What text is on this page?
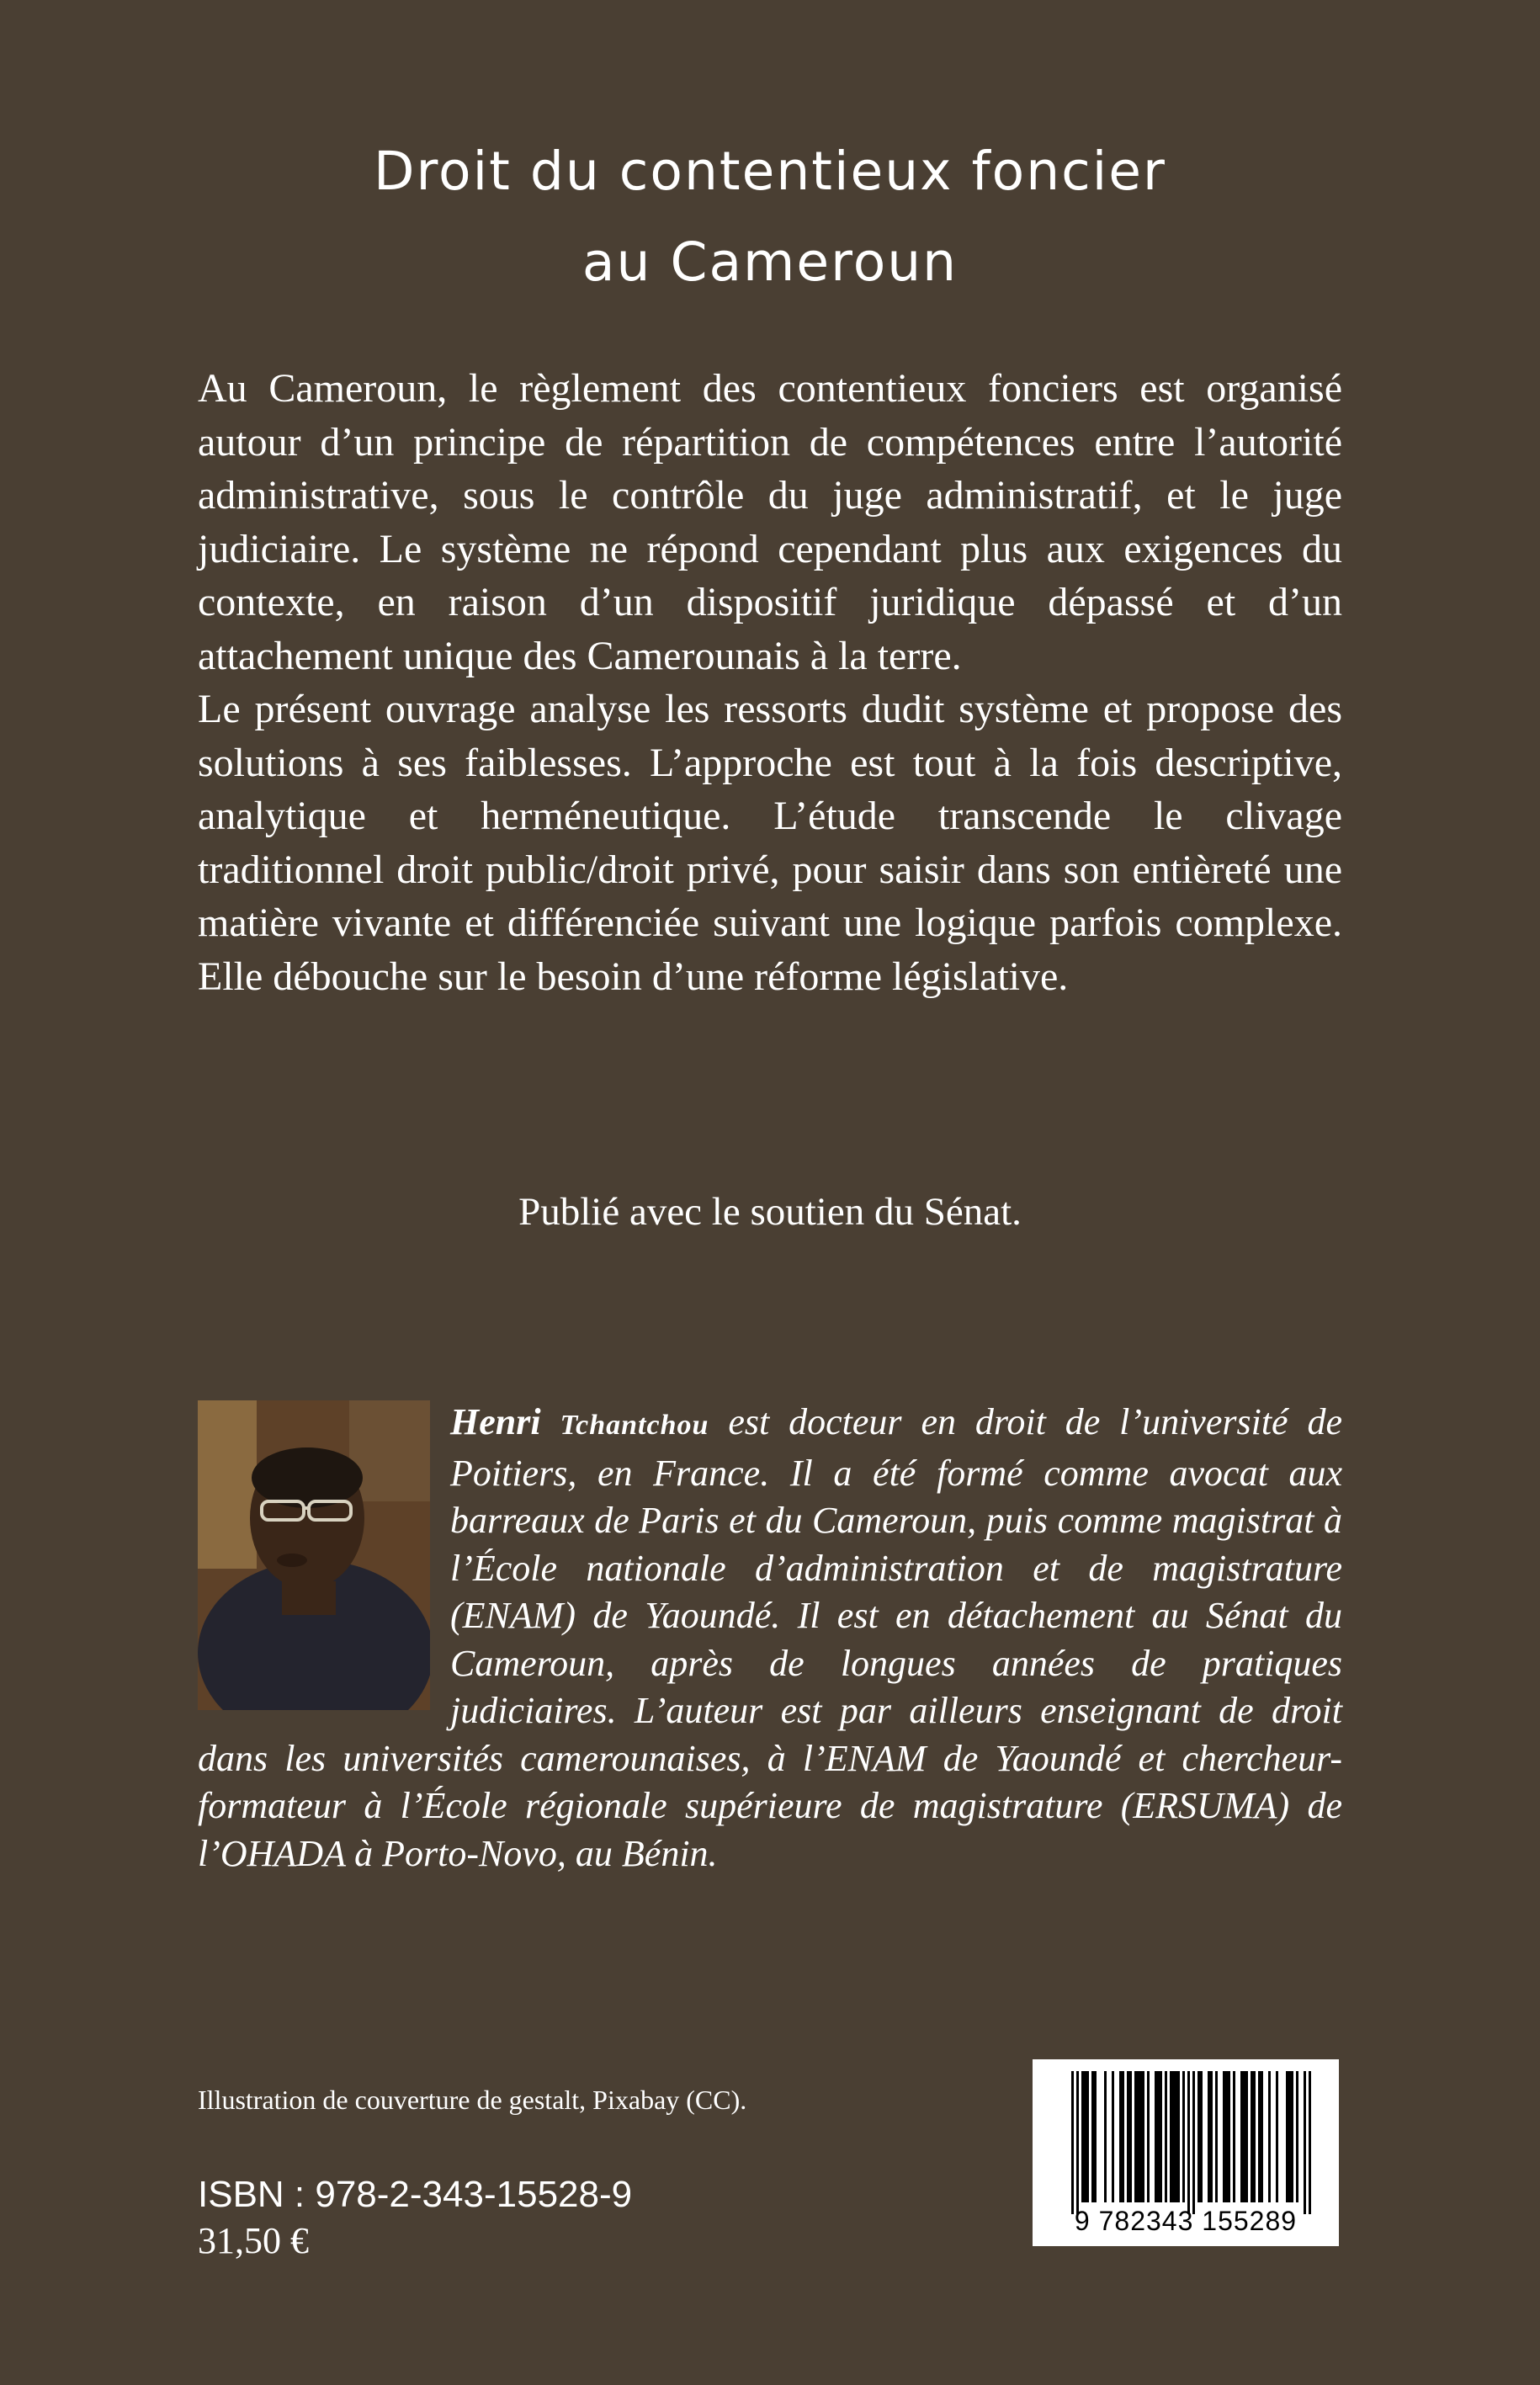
Droit du contentieux foncier
au Cameroun

Au Cameroun, le règlement des contentieux fonciers est organisé autour d’un principe de répartition de compétences entre l’autorité administrative, sous le contrôle du juge administratif, et le juge judiciaire. Le système ne répond cependant plus aux exigences du contexte, en raison d’un dispositif juridique dépassé et d’un attachement unique des Camerounais à la terre.

Le présent ouvrage analyse les ressorts dudit système et propose des solutions à ses faiblesses. L’approche est tout à la fois descriptive, analytique et herméneutique. L’étude transcende le clivage traditionnel droit public/droit privé, pour saisir dans son entièreté une matière vivante et différenciée suivant une logique parfois complexe. Elle débouche sur le besoin d’une réforme législative.

Publié avec le soutien du Sénat.

Henri Tchantchou est docteur en droit de l’université de Poitiers, en France. Il a été formé comme avocat aux barreaux de Paris et du Cameroun, puis comme magistrat à l’École nationale d’administration et de magistrature (ENAM) de Yaoundé. Il est en détachement au Sénat du Cameroun, après de longues années de pratiques judiciaires. L’auteur est par ailleurs enseignant de droit dans les universités camerounaises, à l’ENAM de Yaoundé et chercheur-formateur à l’École régionale supérieure de magistrature (ERSUMA) de l’OHADA à Porto-Novo, au Bénin.

Illustration de couverture de gestalt, Pixabay (CC).

ISBN : 978-2-343-15528-9

31,50 €	9 782343 155289
